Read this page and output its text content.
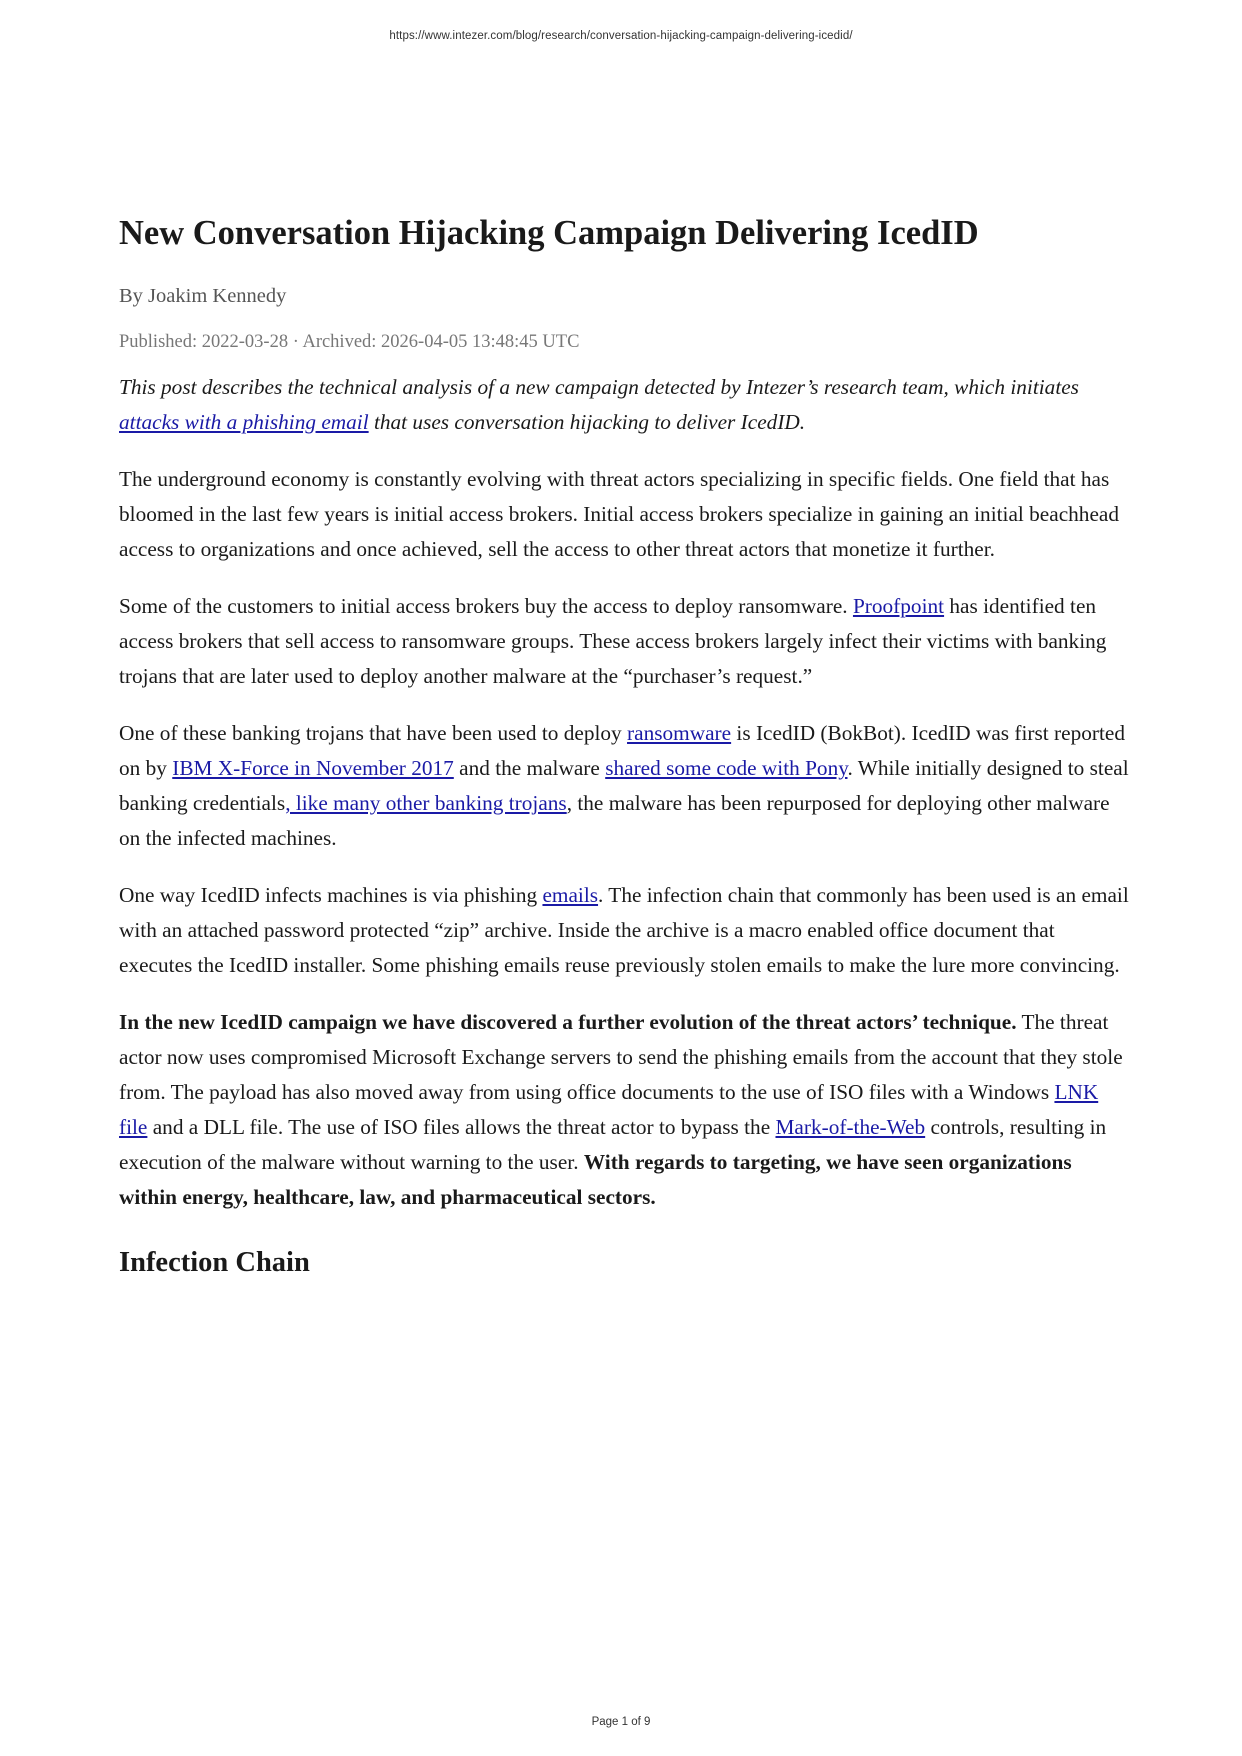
https://www.intezer.com/blog/research/conversation-hijacking-campaign-delivering-icedid/
New Conversation Hijacking Campaign Delivering IcedID
By Joakim Kennedy
Published: 2022-03-28 · Archived: 2026-04-05 13:48:45 UTC

This post describes the technical analysis of a new campaign detected by Intezer’s research team, which initiates attacks with a phishing email that uses conversation hijacking to deliver IcedID.

The underground economy is constantly evolving with threat actors specializing in specific fields. One field that has bloomed in the last few years is initial access brokers. Initial access brokers specialize in gaining an initial beachhead access to organizations and once achieved, sell the access to other threat actors that monetize it further.

Some of the customers to initial access brokers buy the access to deploy ransomware. Proofpoint has identified ten access brokers that sell access to ransomware groups. These access brokers largely infect their victims with banking trojans that are later used to deploy another malware at the “purchaser’s request.”

One of these banking trojans that have been used to deploy ransomware is IcedID (BokBot). IcedID was first reported on by IBM X-Force in November 2017 and the malware shared some code with Pony. While initially designed to steal banking credentials, like many other banking trojans, the malware has been repurposed for deploying other malware on the infected machines.

One way IcedID infects machines is via phishing emails. The infection chain that commonly has been used is an email with an attached password protected “zip” archive. Inside the archive is a macro enabled office document that executes the IcedID installer. Some phishing emails reuse previously stolen emails to make the lure more convincing.

In the new IcedID campaign we have discovered a further evolution of the threat actors’ technique. The threat actor now uses compromised Microsoft Exchange servers to send the phishing emails from the account that they stole from. The payload has also moved away from using office documents to the use of ISO files with a Windows LNK file and a DLL file. The use of ISO files allows the threat actor to bypass the Mark-of-the-Web controls, resulting in execution of the malware without warning to the user. With regards to targeting, we have seen organizations within energy, healthcare, law, and pharmaceutical sectors.

Infection Chain
Page 1 of 9
